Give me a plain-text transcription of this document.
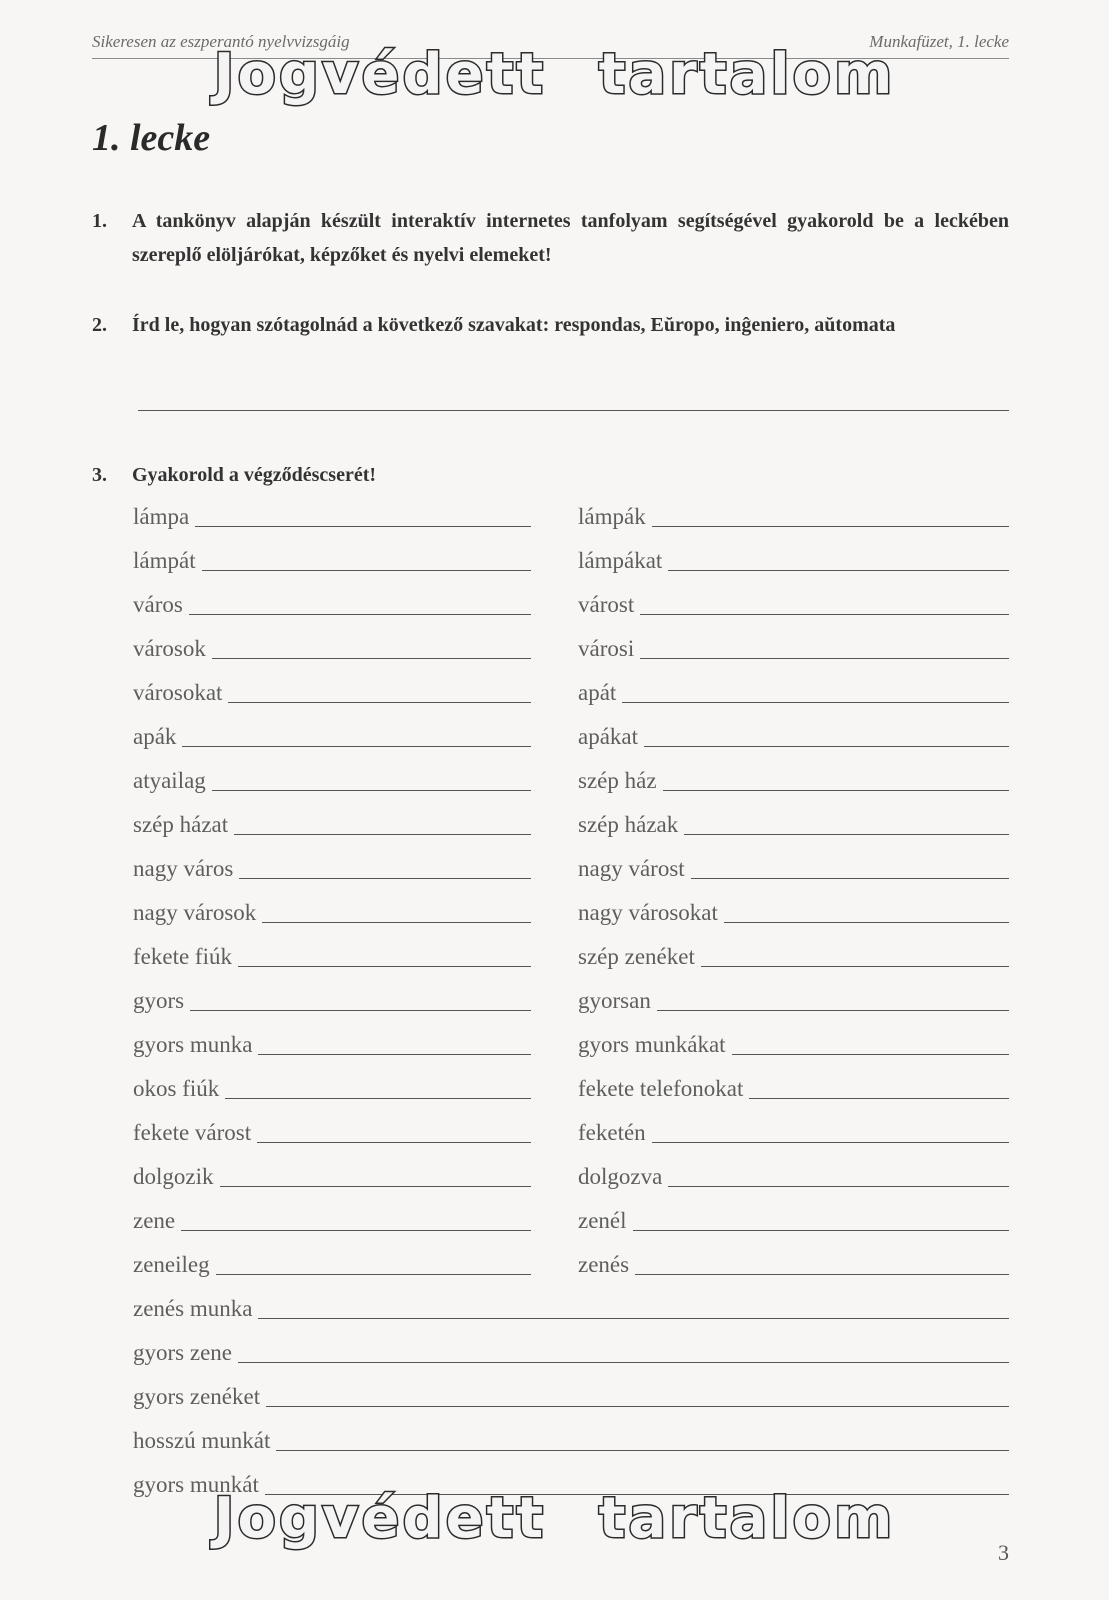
Sikeresen az eszperantó nyelvvizsgáig	Munkafüzet, 1. lecke
1. lecke
1.	A tankönyv alapján készült interaktív internetes tanfolyam segítségével gyakorold be a leckében szereplő elöljárókat, képzőket és nyelvi elemeket!
2.	Írd le, hogyan szótagolnád a következő szavakat: respondas, Eŭropo, inĝeniero, aŭtomata
3.	Gyakorold a végződéscserét!
lámpa	lámpák
lámpát	lámpákat
város	várost
városok	városi
városokat	apát
apák	apákat
atyailag	szép ház
szép házat	szép házak
nagy város	nagy várost
nagy városok	nagy városokat
fekete fiúk	szép zenéket
gyors	gyorsan
gyors munka	gyors munkákat
okos fiúk	fekete telefonokat
fekete várost	feketén
dolgozik	dolgozva
zene	zenél
zeneileg	zenés
zenés munka
gyors zene
gyors zenéket
hosszú munkát
gyors munkát
Jogvédett tartalom
Jogvédett tartalom
3
